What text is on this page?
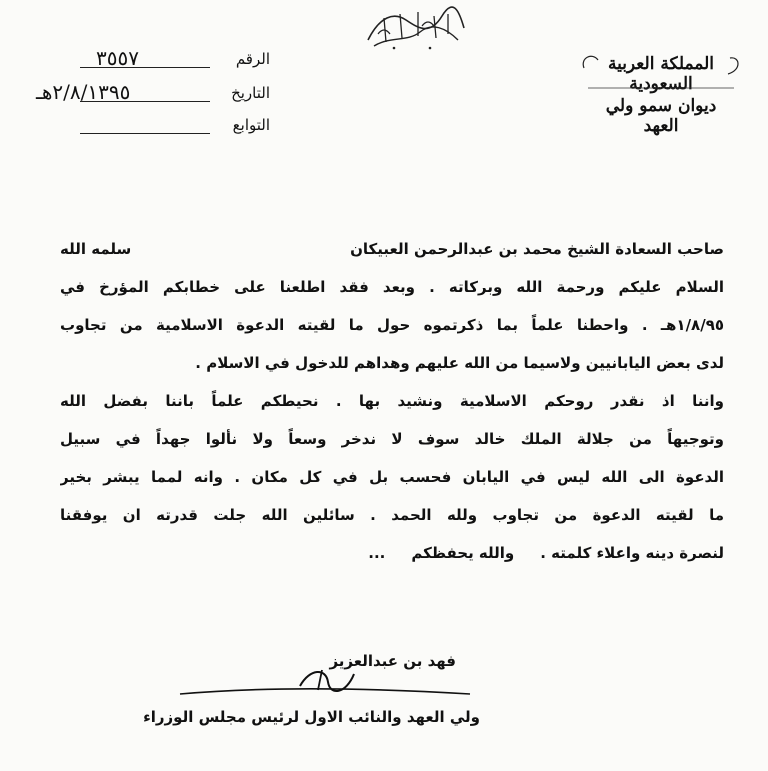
الرقم
٣٥٥٧
التاريخ
٢/٨/١٣٩٥هـ
التوابع
المملكة العربية السعودية
ديوان سمو ولي العهد
صاحب السعادة الشيخ محمد بن عبدالرحمن العبيكان
سلمه الله

السلام عليكم ورحمة الله وبركاته . وبعد فقد اطلعنا على خطابكم المؤرخ في
١/٨/٩٥هـ . واحطنا علماً بما ذكرتموه حول ما لقيته الدعوة الاسلامية من تجاوب
لدى بعض اليابانيين ولاسيما من الله عليهم وهداهم للدخول في الاسلام .
واننا اذ نقدر روحكم الاسلامية ونشيد بها . نحيطكم علماً باننا بفضل الله
وتوجيهاً من جلالة الملك خالد سوف لا ندخر وسعاً ولا نألوا جهداً في سبيل
الدعوة الى الله ليس في اليابان فحسب بل في كل مكان . وانه لمما يبشر بخير
ما لقيته الدعوة من تجاوب ولله الحمد . سائلين الله جلت قدرته ان يوفقنا

لنصرة دينه واعلاء كلمته .
والله يحفظكم
...
فهد بن عبدالعزيز
ولي العهد والنائب الاول لرئيس مجلس الوزراء
